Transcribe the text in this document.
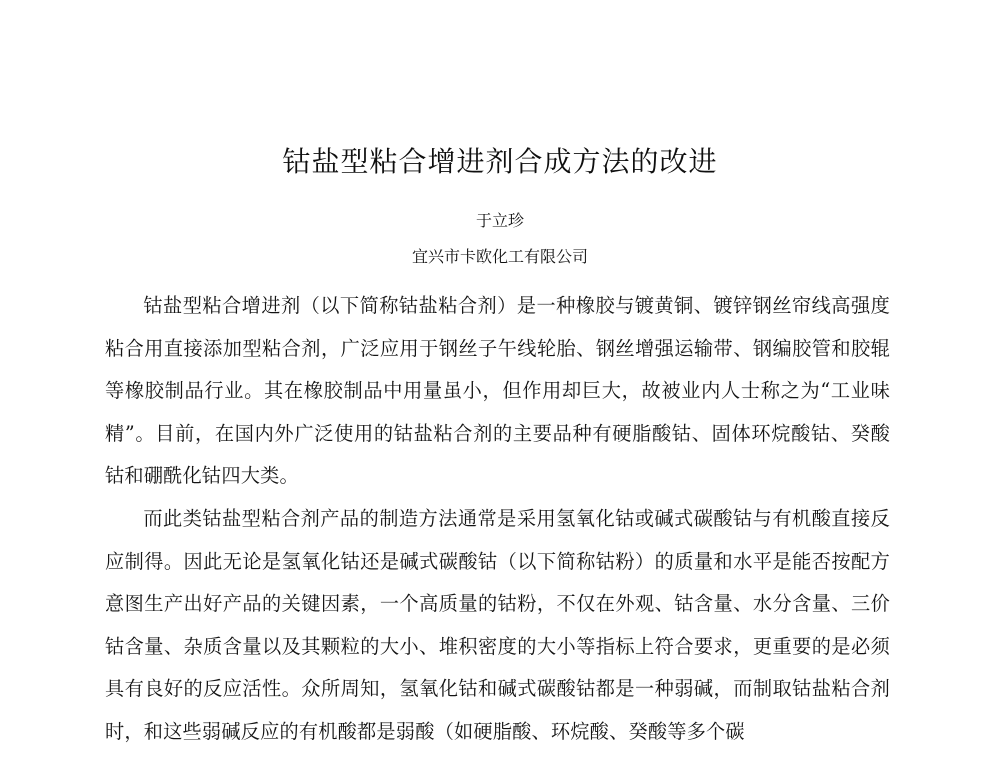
钴盐型粘合增进剂合成方法的改进
于立珍
宜兴市卡欧化工有限公司

钴盐型粘合增进剂（以下简称钴盐粘合剂）是一种橡胶与镀黄铜、镀锌钢丝帘线高强度粘合用直接添加型粘合剂，广泛应用于钢丝子午线轮胎、钢丝增强运输带、钢编胶管和胶辊等橡胶制品行业。其在橡胶制品中用量虽小，但作用却巨大，故被业内人士称之为“工业味精”。目前，在国内外广泛使用的钴盐粘合剂的主要品种有硬脂酸钴、固体环烷酸钴、癸酸钴和硼酰化钴四大类。

而此类钴盐型粘合剂产品的制造方法通常是采用氢氧化钴或碱式碳酸钴与有机酸直接反应制得。因此无论是氢氧化钴还是碱式碳酸钴（以下简称钴粉）的质量和水平是能否按配方意图生产出好产品的关键因素，一个高质量的钴粉，不仅在外观、钴含量、水分含量、三价钴含量、杂质含量以及其颗粒的大小、堆积密度的大小等指标上符合要求，更重要的是必须具有良好的反应活性。众所周知，氢氧化钴和碱式碳酸钴都是一种弱碱，而制取钴盐粘合剂时，和这些弱碱反应的有机酸都是弱酸（如硬脂酸、环烷酸、癸酸等多个碳
